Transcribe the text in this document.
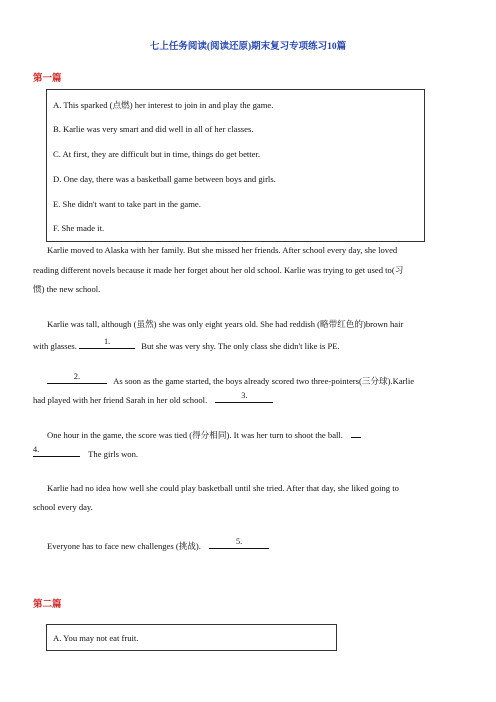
七上任务阅读(阅读还原)期末复习专项练习10篇
第一篇
A. This sparked (点燃) her interest to join in and play the game.
B. Karlie was very smart and did well in all of her classes.
C. At first, they are difficult but in time, things do get better.
D. One day, there was a basketball game between boys and girls.
E. She didn't want to take part in the game.
F. She made it.
Karlie moved to Alaska with her family. But she missed her friends. After school every day, she loved
reading different novels because it made her forget about her old school. Karlie was trying to get used to(习
惯) the new school.
Karlie was tall, although (虽然) she was only eight years old. She had reddish (略带红色的)brown hair
with glasses.	1.	But she was very shy. The only class she didn't like is PE.
2.	As soon as the game started, the boys already scored two three-pointers(三分球).Karlie
had played with her friend Sarah in her old school.	3.
One hour in the game, the score was tied (得分相同). It was her turn to shoot the ball.
4.	The girls won.
Karlie had no idea how well she could play basketball until she tried. After that day, she liked going to
school every day.
Everyone has to face new challenges (挑战).	5.
第二篇
A. You may not eat fruit.
